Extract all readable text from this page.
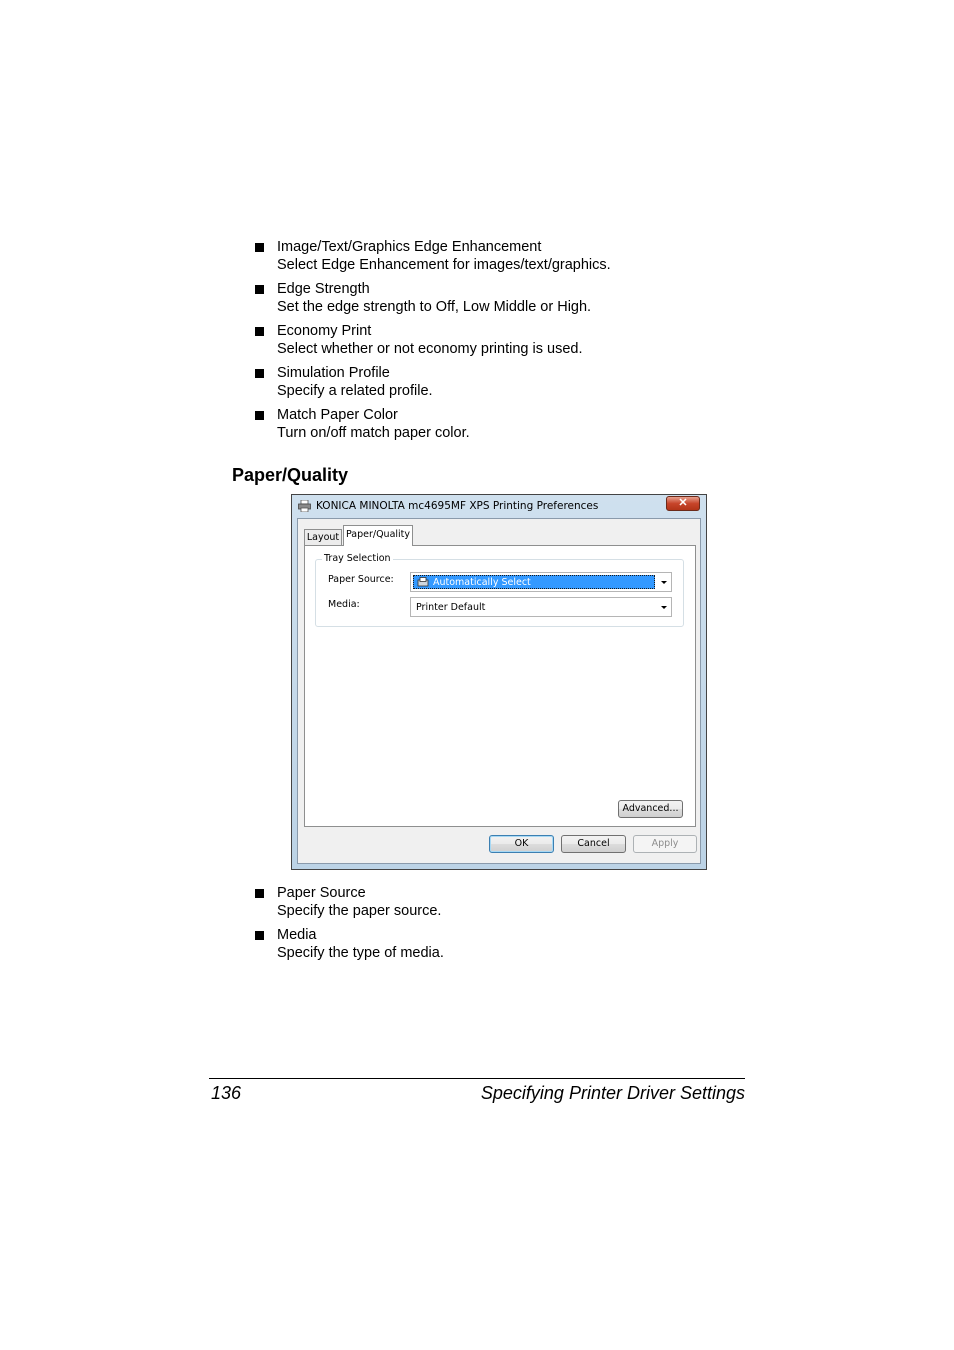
Image/Text/Graphics Edge Enhancement
Select Edge Enhancement for images/text/graphics.
Edge Strength
Set the edge strength to Off, Low Middle or High.
Economy Print
Select whether or not economy printing is used.
Simulation Profile
Specify a related profile.
Match Paper Color
Turn on/off match paper color.
Paper/Quality
KONICA MINOLTA mc4695MF XPS Printing Preferences	✕
Layout Paper/Quality
Tray Selection
Paper Source:	Automatically Select
Media:	Printer Default
Advanced...
OK	Cancel	Apply
Paper Source
Specify the paper source.
Media
Specify the type of media.
136	Specifying Printer Driver Settings
